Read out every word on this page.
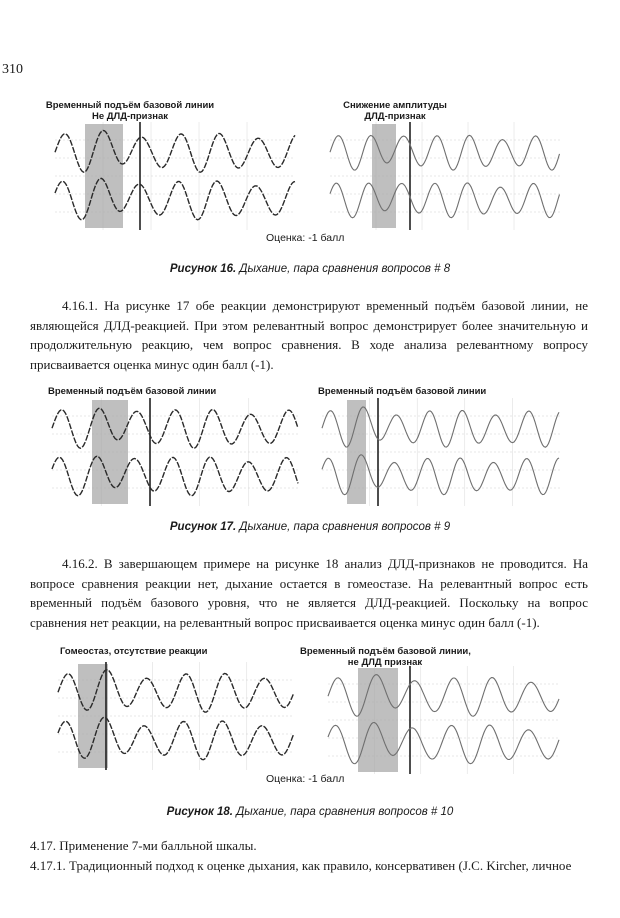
310
Временный подъём базовой линии
Не ДЛД-признак
Снижение амплитуды
ДЛД-признак
Оценка: -1 балл
Рисунок 16. Дыхание, пара сравнения вопросов # 8
4.16.1. На рисунке 17 обе реакции демонстрируют временный подъём базовой линии, не являющейся ДЛД-реакцией. При этом релевантный вопрос демонстрирует более значительную и продолжительную реакцию, чем вопрос сравнения. В ходе анализа релевантному вопросу присваивается оценка минус один балл (-1).
Временный подъём базовой линии	Временный подъём базовой линии
Рисунок 17. Дыхание, пара сравнения вопросов # 9
4.16.2. В завершающем примере на рисунке 18 анализ ДЛД-признаков не проводится. На вопросе сравнения реакции нет, дыхание остается в гомеостазе. На релевантный вопрос есть временный подъём базового уровня, что не является ДЛД-реакцией. Поскольку на вопрос сравнения нет реакции, на релевантный вопрос присваивается оценка минус один балл (-1).
Гомеостаз, отсутствие реакции	Временный подъём базовой линии,
не ДЛД признак
Оценка: -1 балл
Рисунок 18. Дыхание, пара сравнения вопросов # 10
4.17. Применение 7-ми балльной шкалы.
4.17.1. Традиционный подход к оценке дыхания, как правило, консервативен (J.C. Kircher, личное
